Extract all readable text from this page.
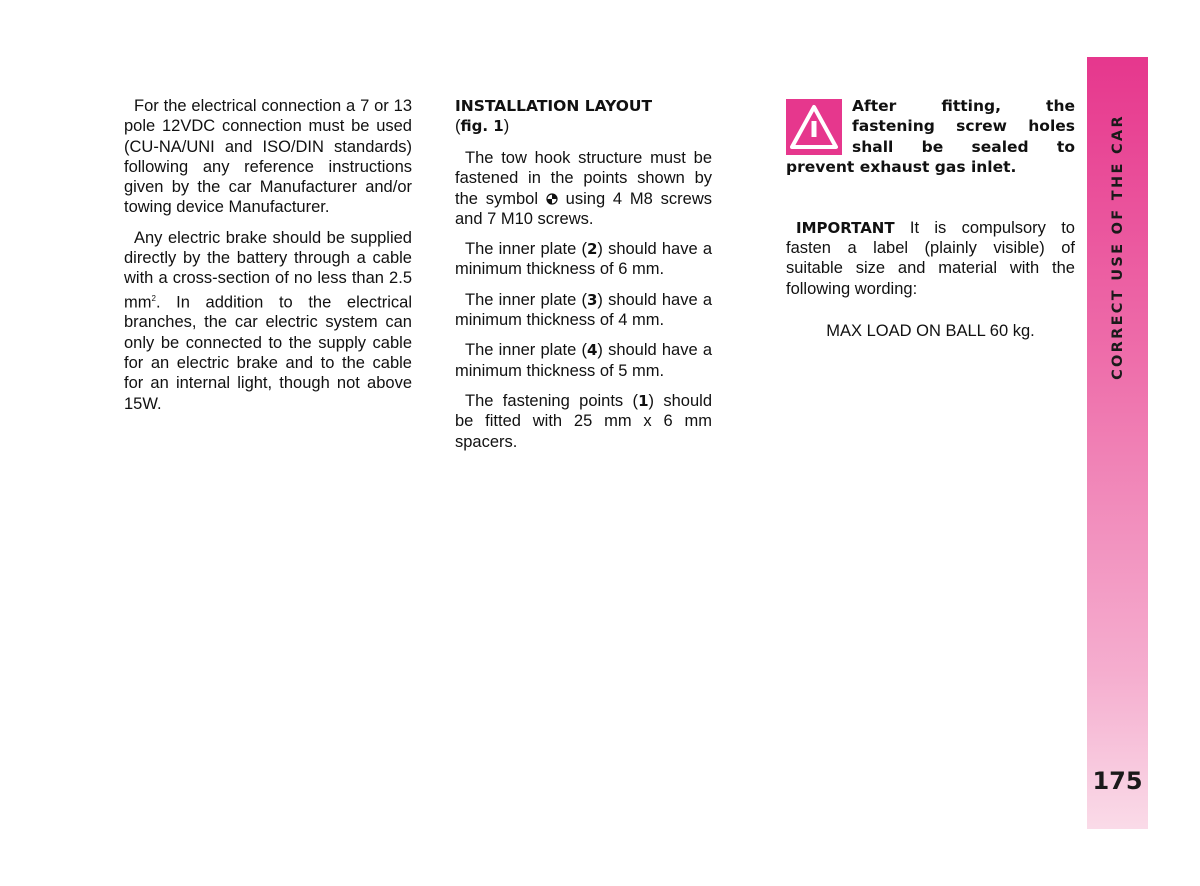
For the electrical connection a 7 or 13 pole 12VDC connection must be used (CU-NA/UNI and ISO/DIN standards) following any reference instructions given by the car Manufacturer and/or towing device Manufacturer.

Any electric brake should be supplied directly by the battery through a cable with a cross-section of no less than 2.5 $mm^2$. In addition to the electrical branches, the car electric system can only be connected to the supply cable for an electric brake and to the cable for an internal light, though not above 15W.

INSTALLATION LAYOUT
(fig. 1)

The tow hook structure must be fastened in the points shown by the symbol using 4 M8 screws and 7 M10 screws.

The inner plate (2) should have a minimum thickness of 6 mm.

The inner plate (3) should have a minimum thickness of 4 mm.

The inner plate (4) should have a minimum thickness of 5 mm.

The fastening points (1) should be fitted with 25 mm x 6 mm spacers.

After fitting, the fastening screw holes shall be sealed to prevent exhaust gas inlet.

IMPORTANT It is compulsory to fasten a label (plainly visible) of suitable size and material with the following wording:

MAX LOAD ON BALL 60 kg.	CORRECT USE OF THE CAR
175
